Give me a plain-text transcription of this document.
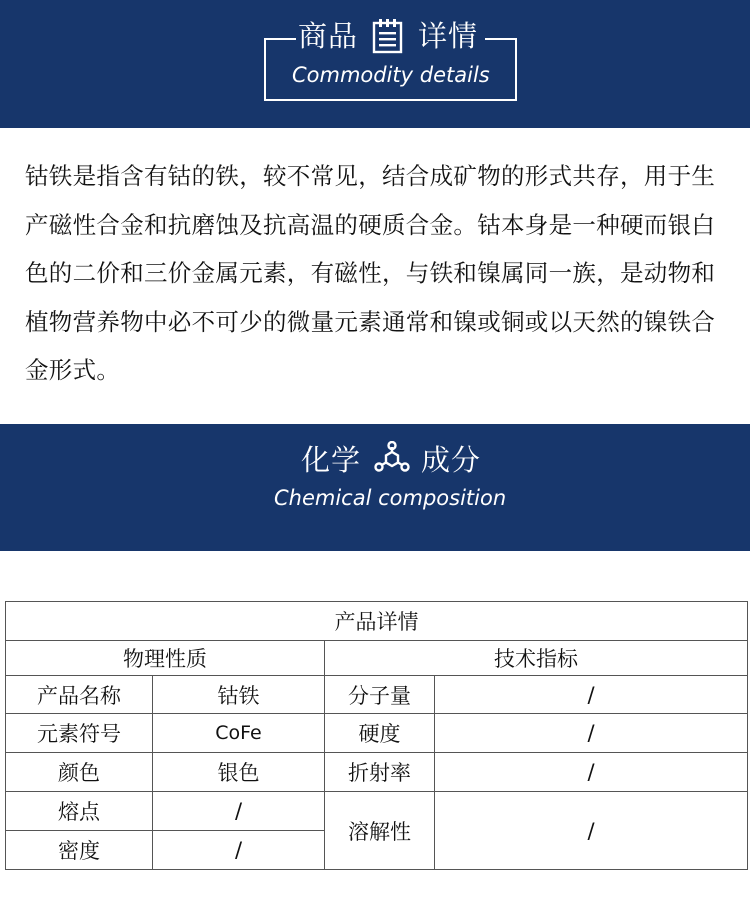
商品 详情
Commodity details

钴铁是指含有钴的铁，较不常见，结合成矿物的形式共存，用于生产磁性合金和抗磨蚀及抗高温的硬质合金。钴本身是一种硬而银白色的二价和三价金属元素，有磁性，与铁和镍属同一族，是动物和植物营养物中必不可少的微量元素通常和镍或铜或以天然的镍铁合金形式。

化学 成分
Chemical composition
产品详情			
物理性质		技术指标	
产品名称	钴铁	分子量	/
元素符号	CoFe	硬度	/
颜色	银色	折射率	/
熔点	/	溶解性	/
密度	/		
